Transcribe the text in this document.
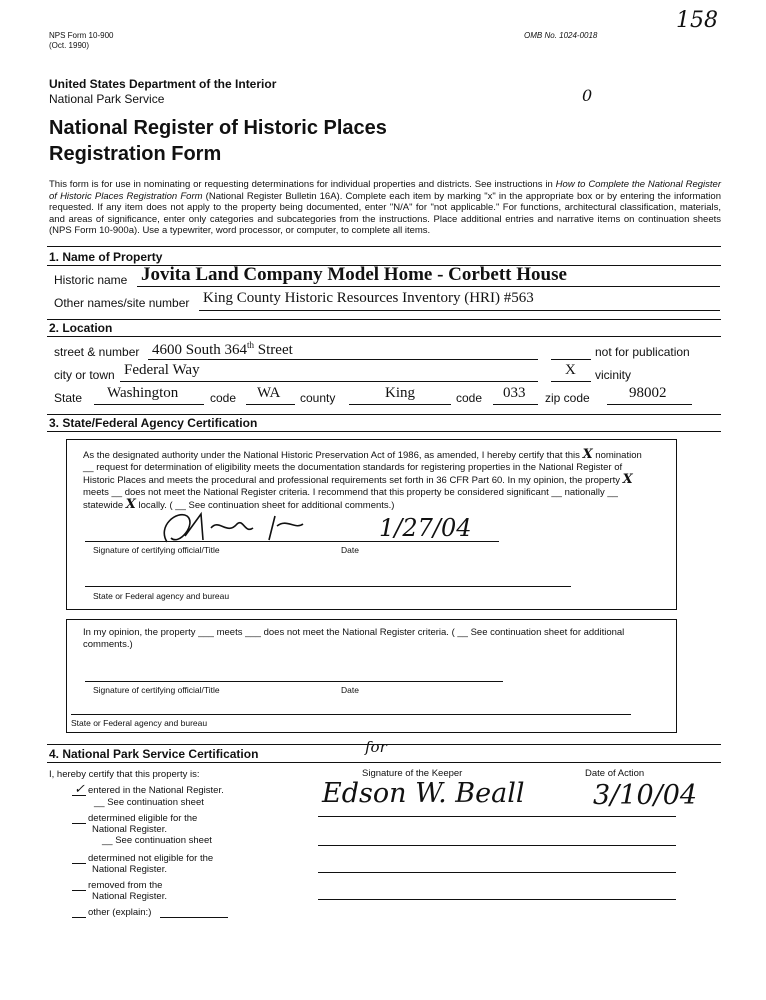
NPS Form 10-900
(Oct. 1990)
OMB No. 1024-0018
158
United States Department of the Interior
National Park Service	0
National Register of Historic Places
Registration Form
This form is for use in nominating or requesting determinations for individual properties and districts. See instructions in How to Complete the National Register of Historic Places Registration Form (National Register Bulletin 16A). Complete each item by marking "x" in the appropriate box or by entering the information requested. If any item does not apply to the property being documented, enter "N/A" for "not applicable." For functions, architectural classification, materials, and areas of significance, enter only categories and subcategories from the instructions. Place additional entries and narrative items on continuation sheets (NPS Form 10-900a). Use a typewriter, word processor, or computer, to complete all items.
1. Name of Property
Historic name Jovita Land Company Model Home - Corbett House
Other names/site number King County Historic Resources Inventory (HRI) #563
2. Location
street & number 4600 South 364th Street	not for publication
city or town Federal Way	X vicinity
State Washington	code WA county	King	code 033 zip code	98002
3. State/Federal Agency Certification
As the designated authority under the National Historic Preservation Act of 1986, as amended, I hereby certify that this X nomination __ request for determination of eligibility meets the documentation standards for registering properties in the National Register of Historic Places and meets the procedural and professional requirements set forth in 36 CFR Part 60. In my opinion, the property X meets __ does not meet the National Register criteria. I recommend that this property be considered significant __ nationally __ statewide X locally. ( __ See continuation sheet for additional comments.)
1/27/04
Signature of certifying official/Title	Date
State or Federal agency and bureau
In my opinion, the property ___ meets ___ does not meet the National Register criteria. ( __ See continuation sheet for additional comments.)
Signature of certifying official/Title	Date
State or Federal agency and bureau
4. National Park Service Certification
I, hereby certify that this property is:
for
Signature of the Keeper	Date of Action
Edson W. Beall	3/10/04
✓ entered in the National Register.
__ See continuation sheet
determined eligible for the
National Register.
__ See continuation sheet
determined not eligible for the
National Register.
removed from the
National Register.
other (explain:)
